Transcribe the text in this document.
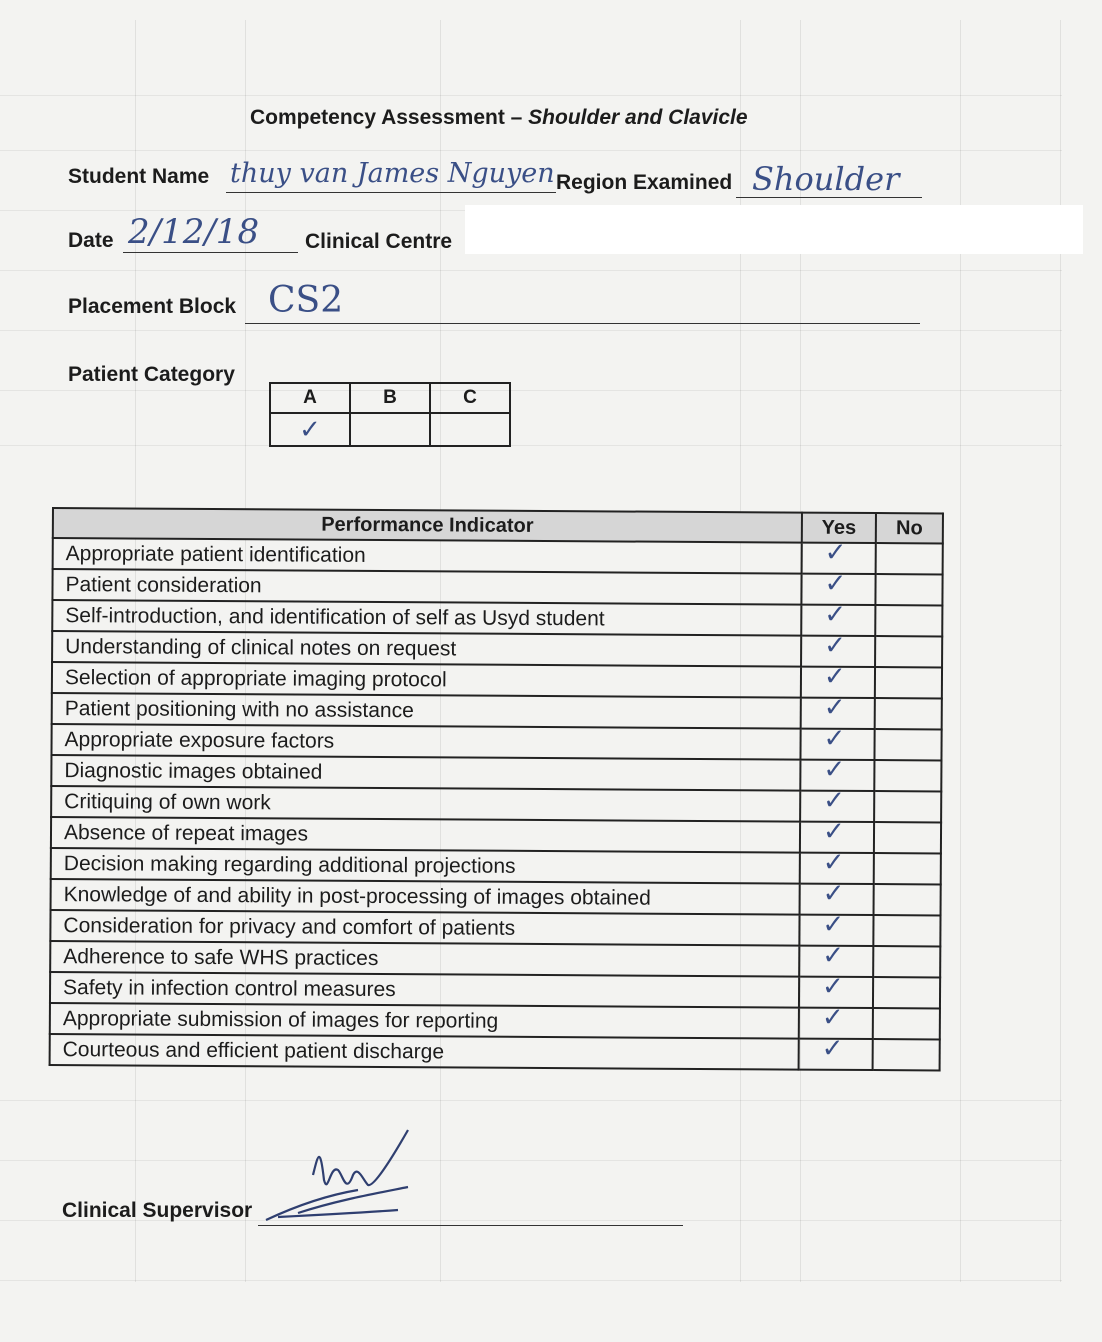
Competency Assessment – Shoulder and Clavicle
Student Name thuy van James Nguyen Region Examined Shoulder
Date 2/12/18 Clinical Centre
Placement Block CS2
Patient Category
A	B	C
✓		
Performance Indicator	Yes	No
Appropriate patient identification	✓	

Patient consideration	✓	

Self-introduction, and identification of self as Usyd student	✓	

Understanding of clinical notes on request	✓	

Selection of appropriate imaging protocol	✓	

Patient positioning with no assistance	✓	

Appropriate exposure factors	✓	

Diagnostic images obtained	✓	

Critiquing of own work	✓	

Absence of repeat images	✓	

Decision making regarding additional projections	✓	

Knowledge of and ability in post-processing of images obtained	✓	

Consideration for privacy and comfort of patients	✓	

Adherence to safe WHS practices	✓	

Safety in infection control measures	✓	

Appropriate submission of images for reporting	✓	

Courteous and efficient patient discharge	✓	

Clinical Supervisor
